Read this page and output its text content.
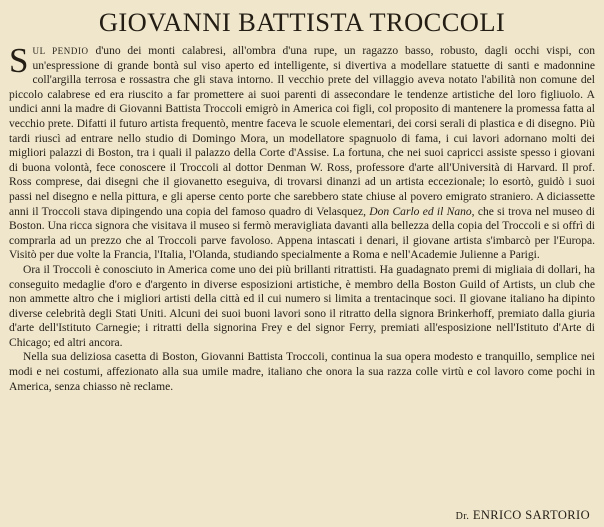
GIOVANNI BATTISTA TROCCOLI

SUL PENDIO d'uno dei monti calabresi, all'ombra d'una rupe, un ragazzo basso, robusto, dagli occhi vispi, con un'espressione di grande bontà sul viso aperto ed intelligente, si divertiva a modellare statuette di santi e madonnine coll'argilla terrosa e rossastra che gli stava intorno. Il vecchio prete del villaggio aveva notato l'abilità non comune del piccolo calabrese ed era riuscito a far promettere ai suoi parenti di assecondare le tendenze artistiche del loro figliuolo. A undici anni la madre di Giovanni Battista Troccoli emigrò in America coi figli, col proposito di mantenere la promessa fatta al vecchio prete. Difatti il futuro artista frequentò, mentre faceva le scuole elementari, dei corsi serali di plastica e di disegno. Più tardi riuscì ad entrare nello studio di Domingo Mora, un modellatore spagnuolo di fama, i cui lavori adornano molti dei migliori palazzi di Boston, tra i quali il palazzo della Corte d'Assise. La fortuna, che nei suoi capricci assiste spesso i giovani di buona volontà, fece conoscere il Troccoli al dottor Denman W. Ross, professore d'arte all'Università di Harvard. Il prof. Ross comprese, dai disegni che il giovanetto eseguiva, di trovarsi dinanzi ad un artista eccezionale; lo esortò, guidò i suoi passi nel disegno e nella pittura, e gli aperse cento porte che sarebbero state chiuse al povero emigrato straniero. A diciassette anni il Troccoli stava dipingendo una copia del famoso quadro di Velasquez, Don Carlo ed il Nano, che si trova nel museo di Boston. Una ricca signora che visitava il museo si fermò meravigliata davanti alla bellezza della copia del Troccoli e si offrì di comprarla ad un prezzo che al Troccoli parve favoloso. Appena intascati i denari, il giovane artista s'imbarcò per l'Europa. Visitò per due volte la Francia, l'Italia, l'Olanda, studiando specialmente a Roma e nell'Academie Julienne a Parigi.

Ora il Troccoli è conosciuto in America come uno dei più brillanti ritrattisti. Ha guadagnato premi di migliaia di dollari, ha conseguito medaglie d'oro e d'argento in diverse esposizioni artistiche, è membro della Boston Guild of Artists, un club che non ammette altro che i migliori artisti della città ed il cui numero si limita a trentacinque soci. Il giovane italiano ha dipinto diverse celebrità degli Stati Uniti. Alcuni dei suoi buoni lavori sono il ritratto della signora Brinkerhoff, premiato dalla giuria d'arte dell'Istituto Carnegie; i ritratti della signorina Frey e del signor Ferry, premiati all'esposizione nell'Istituto d'Arte di Chicago; ed altri ancora.

Nella sua deliziosa casetta di Boston, Giovanni Battista Troccoli, continua la sua opera modesto e tranquillo, semplice nei modi e nei costumi, affezionato alla sua umile madre, italiano che onora la sua razza colle virtù e col lavoro come pochi in America, senza chiasso nè reclame.

Dr. ENRICO SARTORIO
